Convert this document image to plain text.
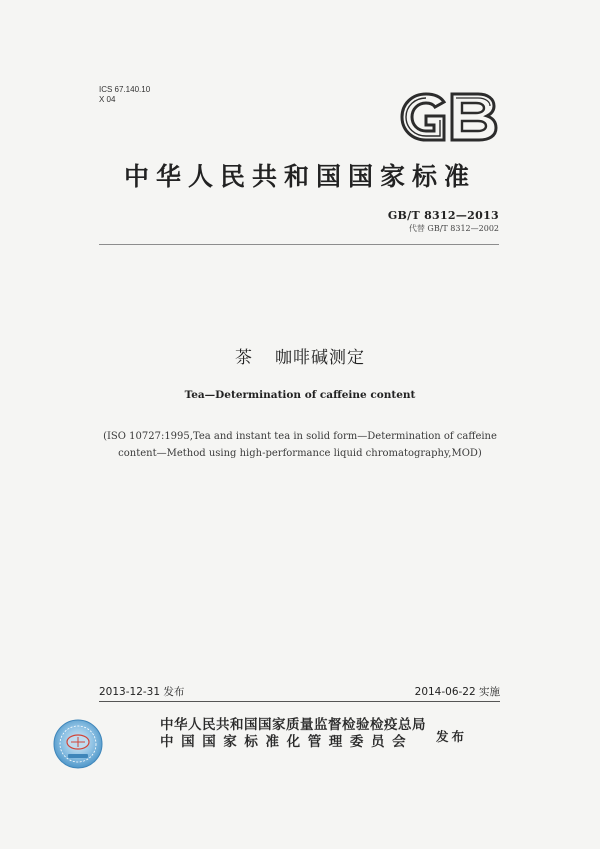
ICS 67.140.10
X 04
中华人民共和国国家标准
GB/T 8312—2013
代替 GB/T 8312—2002
茶 咖啡碱测定
Tea—Determination of caffeine content
(ISO 10727:1995,Tea and instant tea in solid form—Determination of caffeine
content—Method using high-performance liquid chromatography,MOD)
2013-12-31 发布	2014-06-22 实施
中华人民共和国国家质量监督检验检疫总局
中国国家标准化管理委员会	发布
